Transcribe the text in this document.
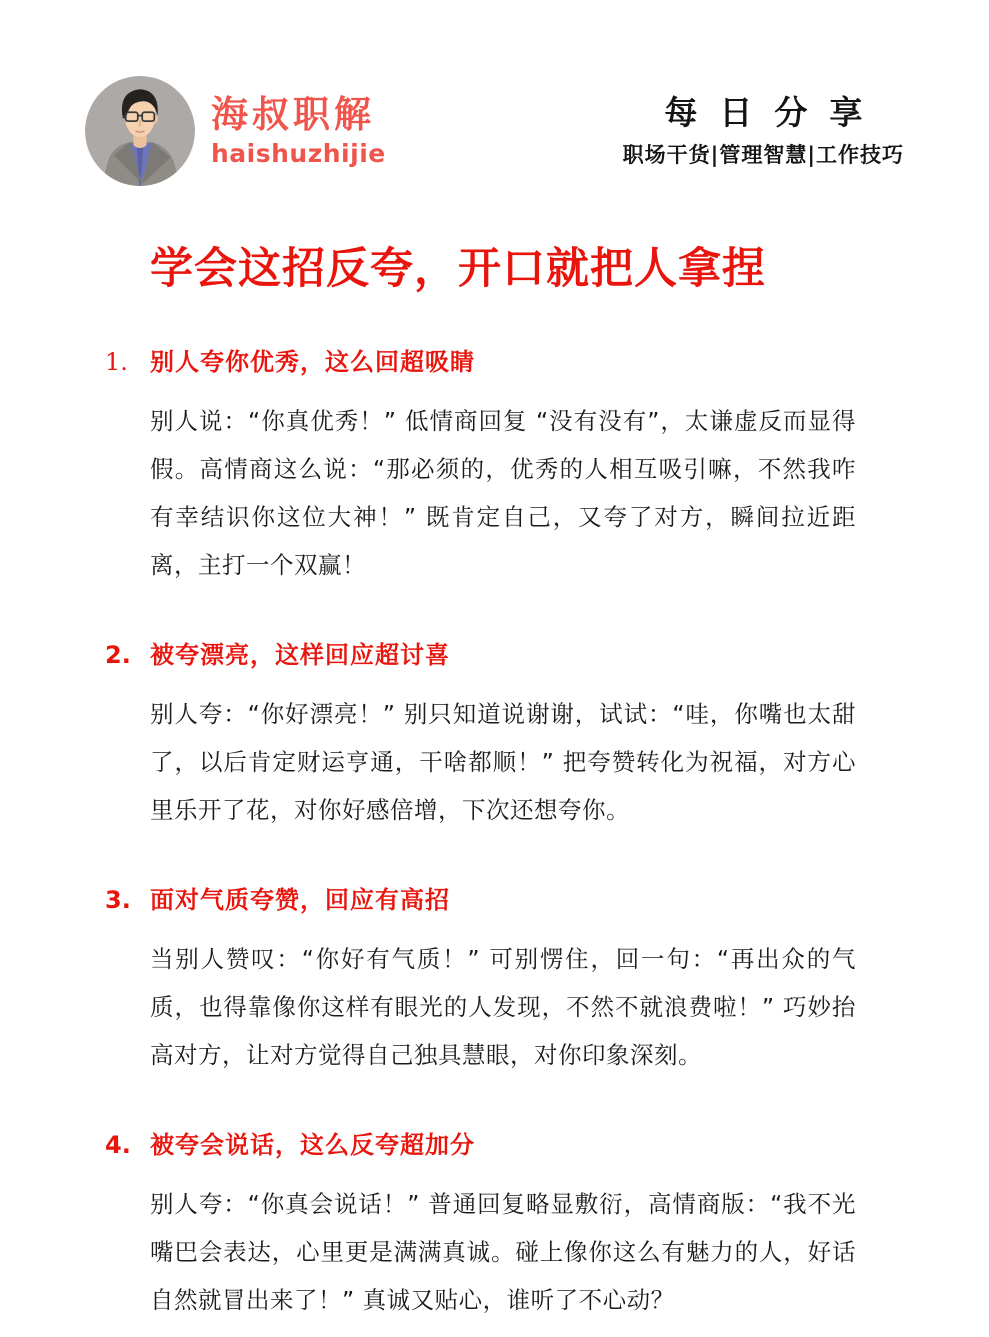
海叔职解
haishuzhijie
每日分享
职场干货|管理智慧|工作技巧
学会这招反夸，开口就把人拿捏
1. 别人夸你优秀，这么回超吸睛

别人说：“你真优秀！” 低情商回复 “没有没有”，太谦虚反而显得假。高情商这么说：“那必须的，优秀的人相互吸引嘛，不然我咋有幸结识你这位大神！” 既肯定自己，又夸了对方，瞬间拉近距离，主打一个双赢！

2. 被夸漂亮，这样回应超讨喜

别人夸：“你好漂亮！” 别只知道说谢谢，试试：“哇，你嘴也太甜了，以后肯定财运亨通，干啥都顺！” 把夸赞转化为祝福，对方心里乐开了花，对你好感倍增，下次还想夸你。

3. 面对气质夸赞，回应有高招

当别人赞叹：“你好有气质！” 可别愣住，回一句：“再出众的气质，也得靠像你这样有眼光的人发现，不然不就浪费啦！” 巧妙抬高对方，让对方觉得自己独具慧眼，对你印象深刻。

4. 被夸会说话，这么反夸超加分

别人夸：“你真会说话！” 普通回复略显敷衍，高情商版：“我不光嘴巴会表达，心里更是满满真诚。碰上像你这么有魅力的人，好话自然就冒出来了！” 真诚又贴心，谁听了不心动？
